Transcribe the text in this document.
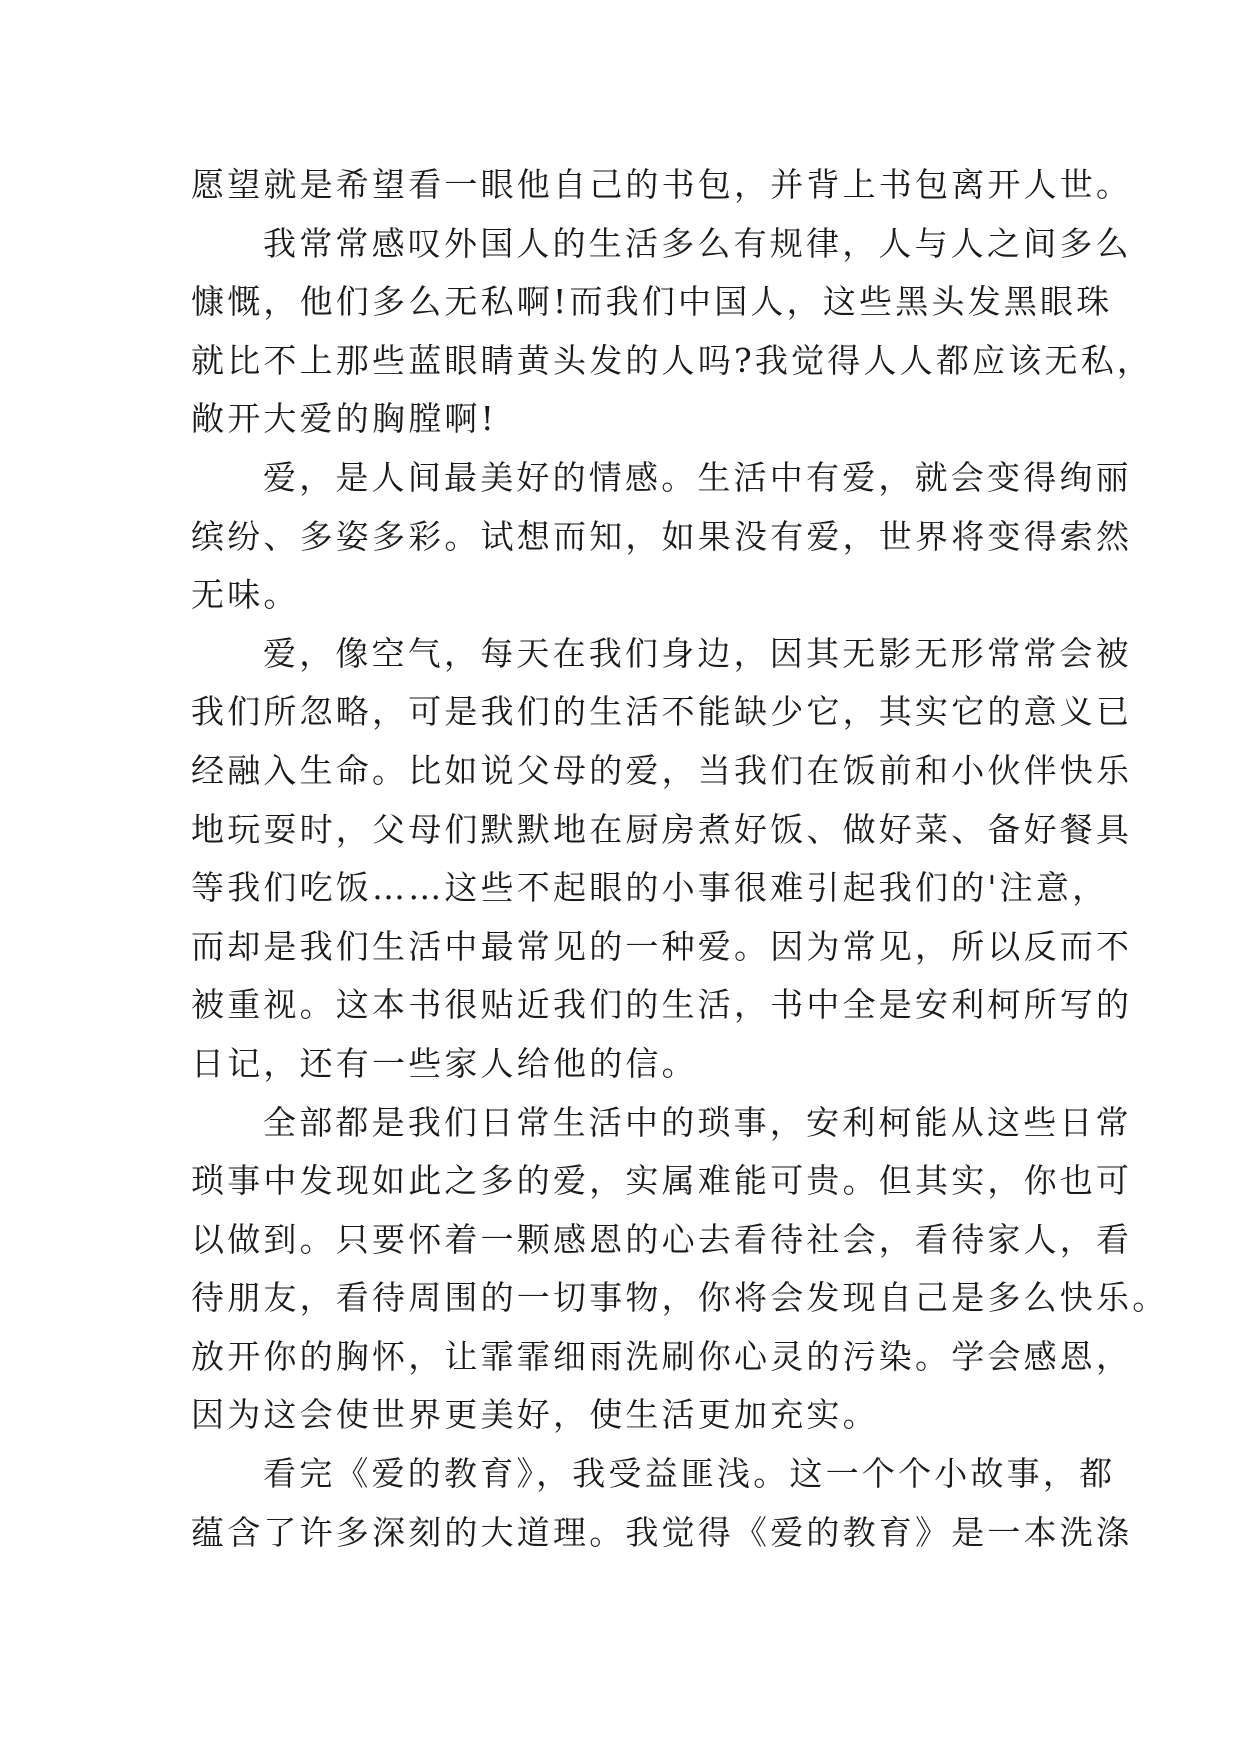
愿望就是希望看一眼他自己的书包，并背上书包离开人世。
我常常感叹外国人的生活多么有规律，人与人之间多么
慷慨，他们多么无私啊!而我们中国人，这些黑头发黑眼珠
就比不上那些蓝眼睛黄头发的人吗?我觉得人人都应该无私，
敞开大爱的胸膛啊!
爱，是人间最美好的情感。生活中有爱，就会变得绚丽
缤纷、多姿多彩。试想而知，如果没有爱，世界将变得索然
无味。
爱，像空气，每天在我们身边，因其无影无形常常会被
我们所忽略，可是我们的生活不能缺少它，其实它的意义已
经融入生命。比如说父母的爱，当我们在饭前和小伙伴快乐
地玩耍时，父母们默默地在厨房煮好饭、做好菜、备好餐具
等我们吃饭……这些不起眼的小事很难引起我们的'注意，
而却是我们生活中最常见的一种爱。因为常见，所以反而不
被重视。这本书很贴近我们的生活，书中全是安利柯所写的
日记，还有一些家人给他的信。
全部都是我们日常生活中的琐事，安利柯能从这些日常
琐事中发现如此之多的爱，实属难能可贵。但其实，你也可
以做到。只要怀着一颗感恩的心去看待社会，看待家人，看
待朋友，看待周围的一切事物，你将会发现自己是多么快乐。
放开你的胸怀，让霏霏细雨洗刷你心灵的污染。学会感恩，
因为这会使世界更美好，使生活更加充实。
看完《爱的教育》，我受益匪浅。这一个个小故事，都
蕴含了许多深刻的大道理。我觉得《爱的教育》是一本洗涤
